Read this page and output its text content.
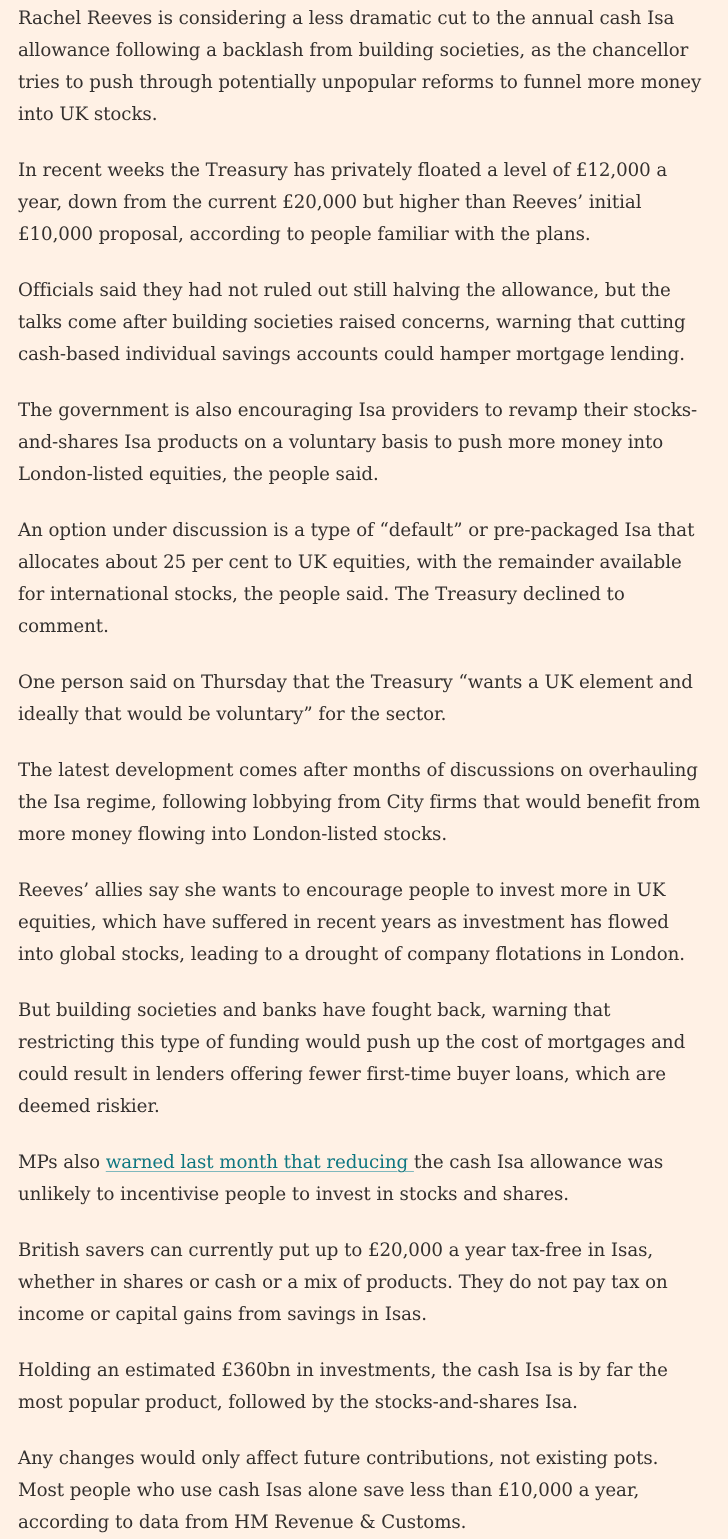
Rachel Reeves is considering a less dramatic cut to the annual cash Isa allowance following a backlash from building societies, as the chancellor tries to push through potentially unpopular reforms to funnel more money into UK stocks.

In recent weeks the Treasury has privately floated a level of £12,000 a year, down from the current £20,000 but higher than Reeves’ initial £10,000 proposal, according to people familiar with the plans.

Officials said they had not ruled out still halving the allowance, but the talks come after building societies raised concerns, warning that cutting cash-based individual savings accounts could hamper mortgage lending.

The government is also encouraging Isa providers to revamp their stocks-and-shares Isa products on a voluntary basis to push more money into London-listed equities, the people said.

An option under discussion is a type of “default” or pre-packaged Isa that allocates about 25 per cent to UK equities, with the remainder available for international stocks, the people said. The Treasury declined to comment.

One person said on Thursday that the Treasury “wants a UK element and ideally that would be voluntary” for the sector.

The latest development comes after months of discussions on overhauling the Isa regime, following lobbying from City firms that would benefit from more money flowing into London-listed stocks.

Reeves’ allies say she wants to encourage people to invest more in UK equities, which have suffered in recent years as investment has flowed into global stocks, leading to a drought of company flotations in London.

But building societies and banks have fought back, warning that restricting this type of funding would push up the cost of mortgages and could result in lenders offering fewer first-time buyer loans, which are deemed riskier.

MPs also warned last month that reducing the cash Isa allowance was unlikely to incentivise people to invest in stocks and shares.

British savers can currently put up to £20,000 a year tax-free in Isas, whether in shares or cash or a mix of products. They do not pay tax on income or capital gains from savings in Isas.

Holding an estimated £360bn in investments, the cash Isa is by far the most popular product, followed by the stocks-and-shares Isa.

Any changes would only affect future contributions, not existing pots. Most people who use cash Isas alone save less than £10,000 a year, according to data from HM Revenue & Customs.
